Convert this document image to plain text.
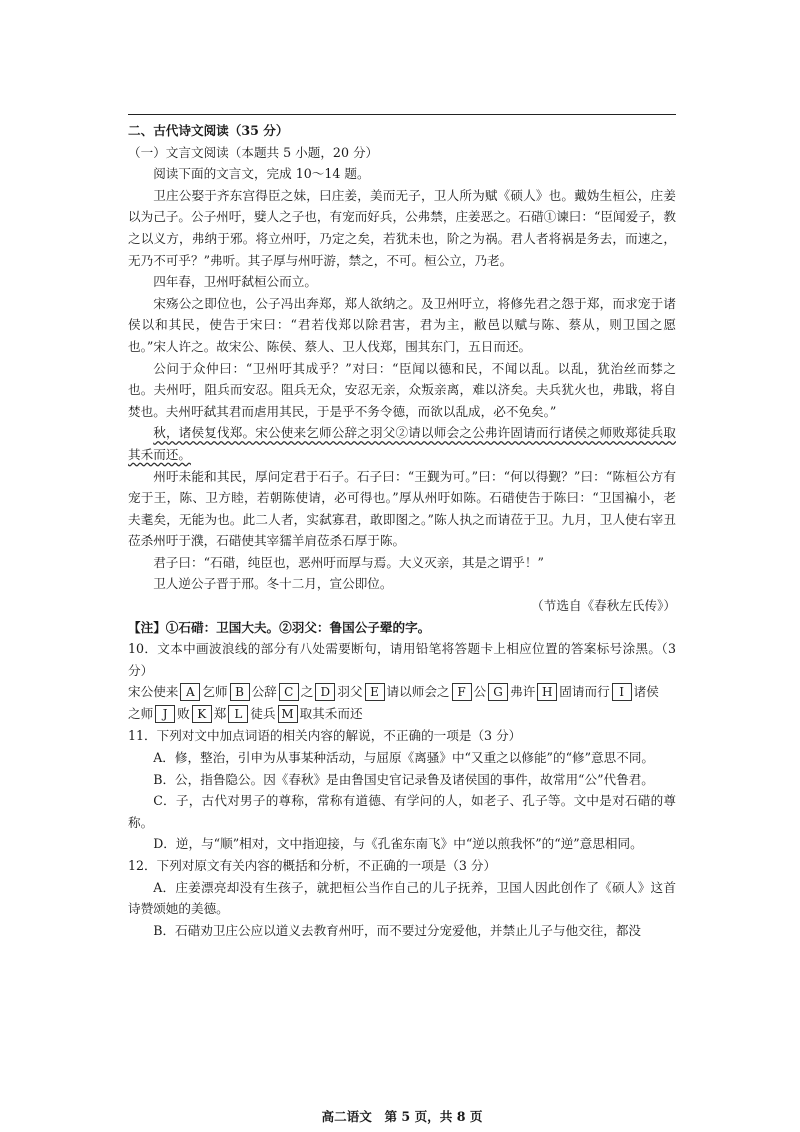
二、古代诗文阅读（35 分）

（一）文言文阅读（本题共 5 小题，20 分）

阅读下面的文言文，完成 10～14 题。

卫庄公娶于齐东宫得臣之妹，曰庄姜，美而无子，卫人所为赋《硕人》也。戴妫生桓公，庄姜以为己子。公子州吁，嬖人之子也，有宠而好兵，公弗禁，庄姜恶之。石碏①谏曰：“臣闻爱子，教之以义方，弗纳于邪。将立州吁，乃定之矣，若犹未也，阶之为祸。君人者将祸是务去，而速之，无乃不可乎？”弗听。其子厚与州吁游，禁之，不可。桓公立，乃老。

四年春，卫州吁弑桓公而立。

宋殇公之即位也，公子冯出奔郑，郑人欲纳之。及卫州吁立，将修先君之怨于郑，而求宠于诸侯以和其民，使告于宋曰：“君若伐郑以除君害，君为主，敝邑以赋与陈、蔡从，则卫国之愿也。”宋人许之。故宋公、陈侯、蔡人、卫人伐郑，围其东门，五日而还。

公问于众仲曰：“卫州吁其成乎？”对曰：“臣闻以德和民，不闻以乱。以乱，犹治丝而棼之也。夫州吁，阻兵而安忍。阻兵无众，安忍无亲，众叛亲离，难以济矣。夫兵犹火也，弗戢，将自焚也。夫州吁弑其君而虐用其民，于是乎不务令德，而欲以乱成，必不免矣。”

秋，诸侯复伐郑。宋公使来乞师公辞之羽父②请以师会之公弗许固请而行诸侯之师败郑徒兵取其禾而还。

州吁未能和其民，厚问定君于石子。石子曰：“王觐为可。”曰：“何以得觐？”曰：“陈桓公方有宠于王，陈、卫方睦，若朝陈使请，必可得也。”厚从州吁如陈。石碏使告于陈曰：“卫国褊小，老夫耄矣，无能为也。此二人者，实弑寡君，敢即图之。”陈人执之而请莅于卫。九月，卫人使右宰丑莅杀州吁于濮，石碏使其宰獳羊肩莅杀石厚于陈。

君子曰：“石碏，纯臣也，恶州吁而厚与焉。大义灭亲，其是之谓乎！”

卫人逆公子晋于邢。冬十二月，宣公即位。

（节选自《春秋左氏传》）

【注】①石碏：卫国大夫。②羽父：鲁国公子翚的字。

10．文本中画波浪线的部分有八处需要断句，请用铅笔将答题卡上相应位置的答案标号涂黑。（3 分）

宋公使来 A 乞师 B 公辞 C 之 D 羽父 E 请以师会之 F 公 G 弗许 H 固请而行 I 诸侯

之师 J 败 K 郑 L 徒兵 M 取其禾而还

11．下列对文中加点词语的相关内容的解说，不正确的一项是（3 分）

A．修，整治，引申为从事某种活动，与屈原《离骚》中“又重之以修能”的“修”意思不同。

B．公，指鲁隐公。因《春秋》是由鲁国史官记录鲁及诸侯国的事件，故常用“公”代鲁君。

C．子，古代对男子的尊称，常称有道德、有学问的人，如老子、孔子等。文中是对石碏的尊称。

D．逆，与“顺”相对，文中指迎接，与《孔雀东南飞》中“逆以煎我怀”的“逆”意思相同。

12．下列对原文有关内容的概括和分析，不正确的一项是（3 分）

A．庄姜漂亮却没有生孩子，就把桓公当作自己的儿子抚养，卫国人因此创作了《硕人》这首诗赞颂她的美德。

B．石碏劝卫庄公应以道义去教育州吁，而不要过分宠爱他，并禁止儿子与他交往，都没

高二语文　第 5 页，共 8 页
